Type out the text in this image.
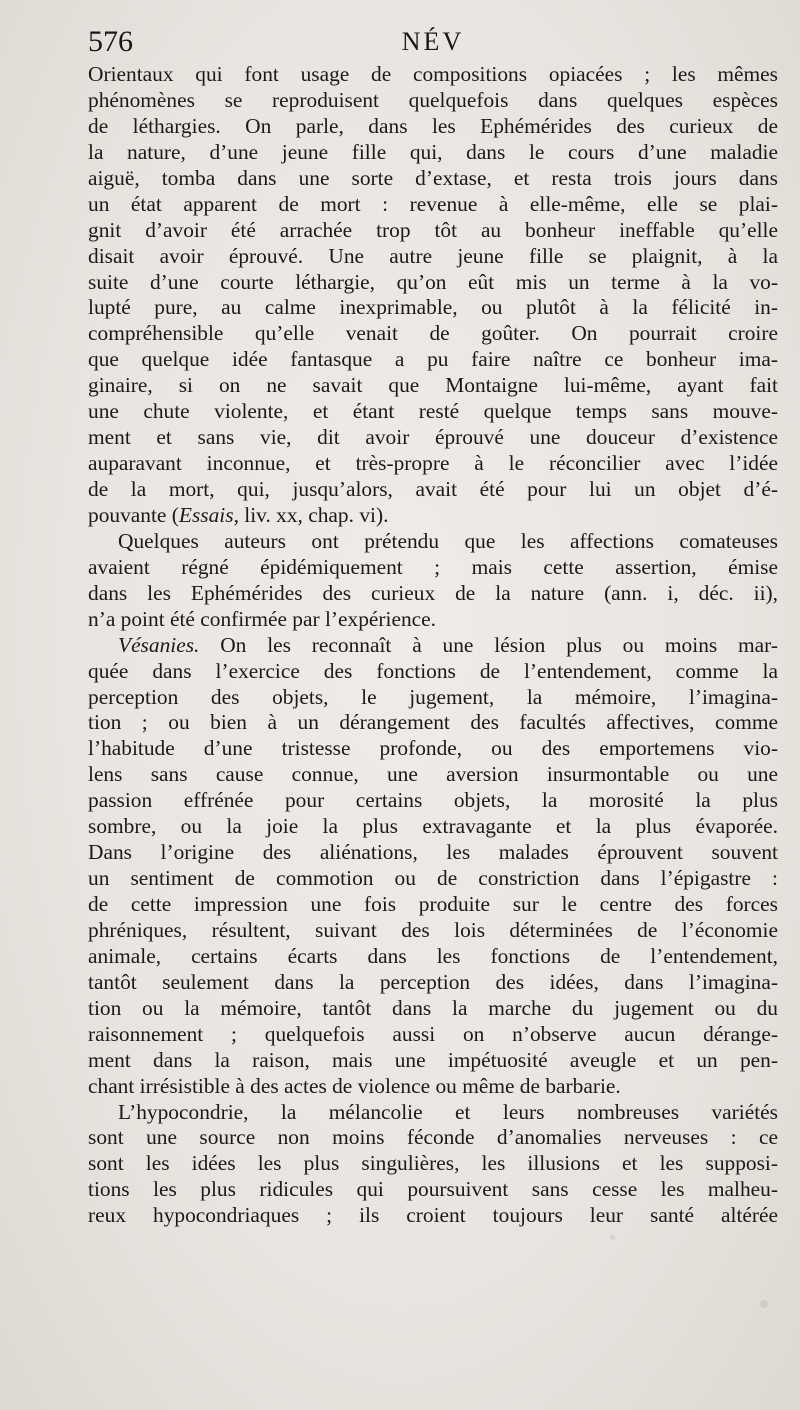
576	NÉV
Orientaux qui font usage de compositions opiacées ; les mêmes
phénomènes se reproduisent quelquefois dans quelques espèces
de léthargies. On parle, dans les Ephémérides des curieux de
la nature, d’une jeune fille qui, dans le cours d’une maladie
aiguë, tomba dans une sorte d’extase, et resta trois jours dans
un état apparent de mort : revenue à elle-même, elle se plai-
gnit d’avoir été arrachée trop tôt au bonheur ineffable qu’elle
disait avoir éprouvé. Une autre jeune fille se plaignit, à la
suite d’une courte léthargie, qu’on eût mis un terme à la vo-
lupté pure, au calme inexprimable, ou plutôt à la félicité in-
compréhensible qu’elle venait de goûter. On pourrait croire
que quelque idée fantasque a pu faire naître ce bonheur ima-
ginaire, si on ne savait que Montaigne lui-même, ayant fait
une chute violente, et étant resté quelque temps sans mouve-
ment et sans vie, dit avoir éprouvé une douceur d’existence
auparavant inconnue, et très-propre à le réconcilier avec l’idée
de la mort, qui, jusqu’alors, avait été pour lui un objet d’é-
pouvante (Essais, liv. xx, chap. vi).
Quelques auteurs ont prétendu que les affections comateuses
avaient régné épidémiquement ; mais cette assertion, émise
dans les Ephémérides des curieux de la nature (ann. i, déc. ii),
n’a point été confirmée par l’expérience.
Vésanies. On les reconnaît à une lésion plus ou moins mar-
quée dans l’exercice des fonctions de l’entendement, comme la
perception des objets, le jugement, la mémoire, l’imagina-
tion ; ou bien à un dérangement des facultés affectives, comme
l’habitude d’une tristesse profonde, ou des emportemens vio-
lens sans cause connue, une aversion insurmontable ou une
passion effrénée pour certains objets, la morosité la plus
sombre, ou la joie la plus extravagante et la plus évaporée.
Dans l’origine des aliénations, les malades éprouvent souvent
un sentiment de commotion ou de constriction dans l’épigastre :
de cette impression une fois produite sur le centre des forces
phréniques, résultent, suivant des lois déterminées de l’économie
animale, certains écarts dans les fonctions de l’entendement,
tantôt seulement dans la perception des idées, dans l’imagina-
tion ou la mémoire, tantôt dans la marche du jugement ou du
raisonnement ; quelquefois aussi on n’observe aucun dérange-
ment dans la raison, mais une impétuosité aveugle et un pen-
chant irrésistible à des actes de violence ou même de barbarie.
L’hypocondrie, la mélancolie et leurs nombreuses variétés
sont une source non moins féconde d’anomalies nerveuses : ce
sont les idées les plus singulières, les illusions et les supposi-
tions les plus ridicules qui poursuivent sans cesse les malheu-
reux hypocondriaques ; ils croient toujours leur santé altérée
